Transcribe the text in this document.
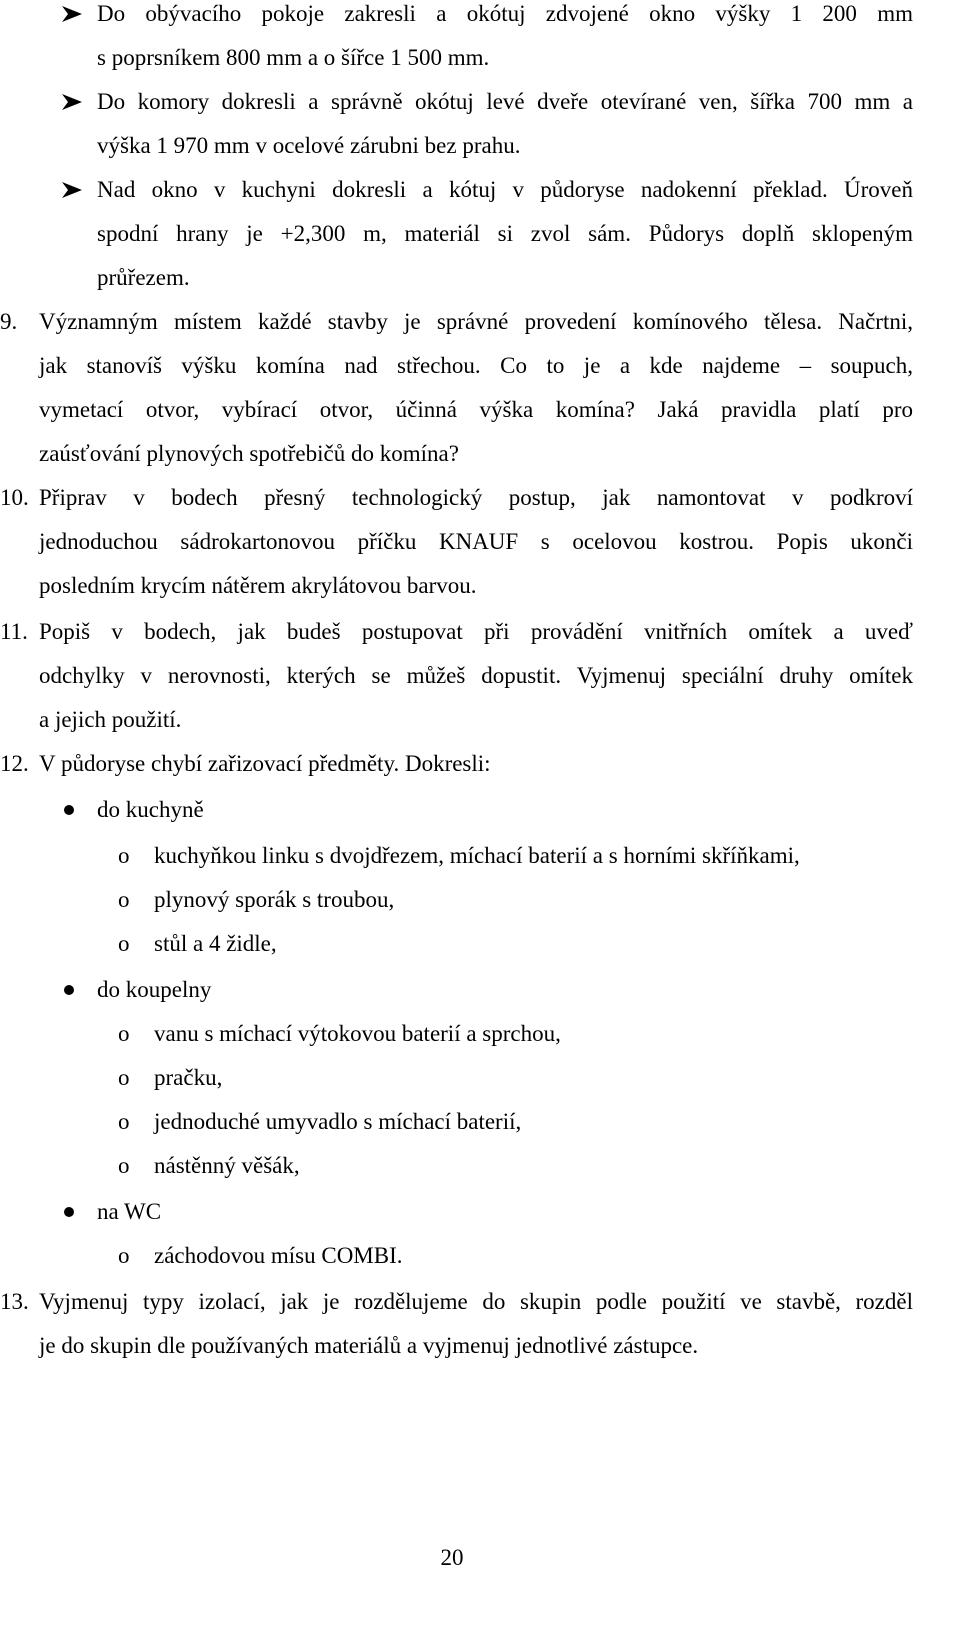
Do obývacího pokoje zakresli a okótuj zdvojené okno výšky 1 200 mm
s poprsníkem 800 mm a o šířce 1 500 mm.
Do komory dokresli a správně okótuj levé dveře otevírané ven, šířka 700 mm a
výška 1 970 mm v ocelové zárubni bez prahu.
Nad okno v kuchyni dokresli a kótuj v půdoryse nadokenní překlad. Úroveň
spodní hrany je +2,300 m, materiál si zvol sám. Půdorys doplň sklopeným
průřezem.
9. Významným místem každé stavby je správné provedení komínového tělesa. Načrtni,
jak stanovíš výšku komína nad střechou. Co to je a kde najdeme – soupuch,
vymetací otvor, vybírací otvor, účinná výška komína? Jaká pravidla platí pro
zaúsťování plynových spotřebičů do komína?
10. Připrav v bodech přesný technologický postup, jak namontovat v podkroví
jednoduchou sádrokartonovou příčku KNAUF s ocelovou kostrou. Popis ukonči
posledním krycím nátěrem akrylátovou barvou.
11. Popiš v bodech, jak budeš postupovat při provádění vnitřních omítek a uveď
odchylky v nerovnosti, kterých se můžeš dopustit. Vyjmenuj speciální druhy omítek
a jejich použití.
12. V půdoryse chybí zařizovací předměty. Dokresli:
do kuchyně
o kuchyňkou linku s dvojdřezem, míchací baterií a s horními skříňkami,
o plynový sporák s troubou,
o stůl a 4 židle,
do koupelny
o vanu s míchací výtokovou baterií a sprchou,
o pračku,
o jednoduché umyvadlo s míchací baterií,
o nástěnný věšák,
na WC
o záchodovou mísu COMBI.
13. Vyjmenuj typy izolací, jak je rozdělujeme do skupin podle použití ve stavbě, rozděl
je do skupin dle používaných materiálů a vyjmenuj jednotlivé zástupce.
20
